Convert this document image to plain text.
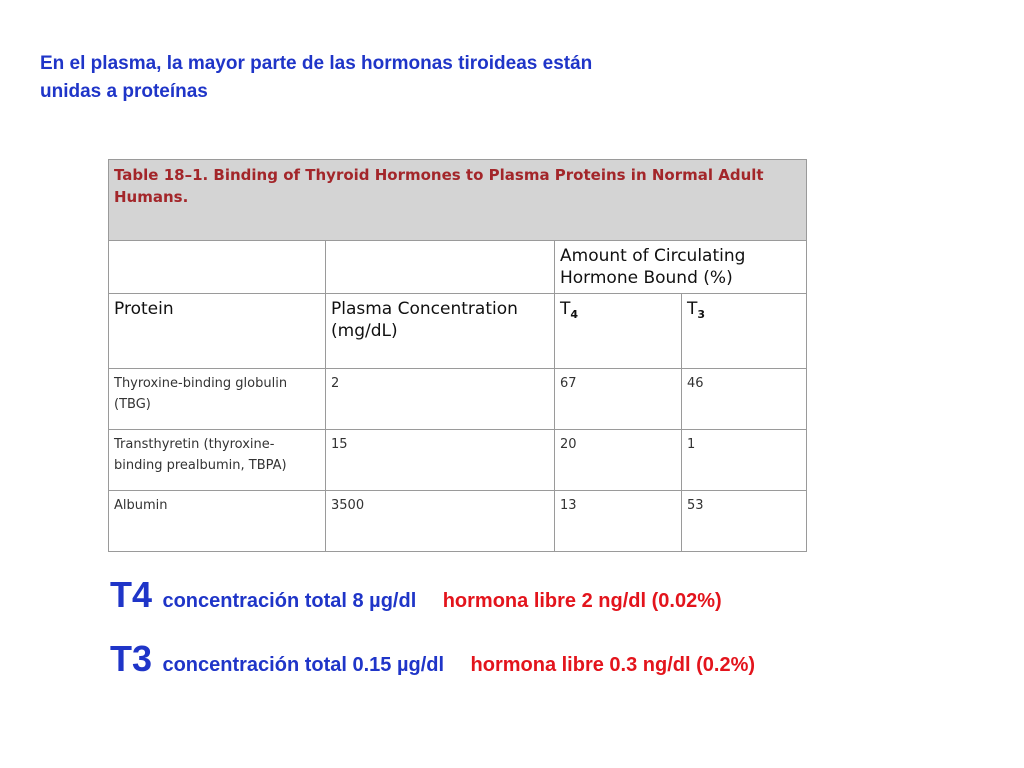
En el plasma, la mayor parte de las hormonas tiroideas están
unidas a proteínas
Table 18–1. Binding of Thyroid Hormones to Plasma Proteins in Normal Adult Humans.			
		Amount of Circulating Hormone Bound (%)	
Protein	Plasma Concentration (mg/dL)	$T_4$	$T_3$
Thyroxine-binding globulin (TBG)	2	67	46
Transthyretin (thyroxine-binding prealbumin, TBPA)	15	20	1
Albumin	3500	13	53
T4 concentración total 8 µg/dl hormona libre 2 ng/dl (0.02%)
T3 concentración total 0.15 µg/dl hormona libre 0.3 ng/dl (0.2%)
